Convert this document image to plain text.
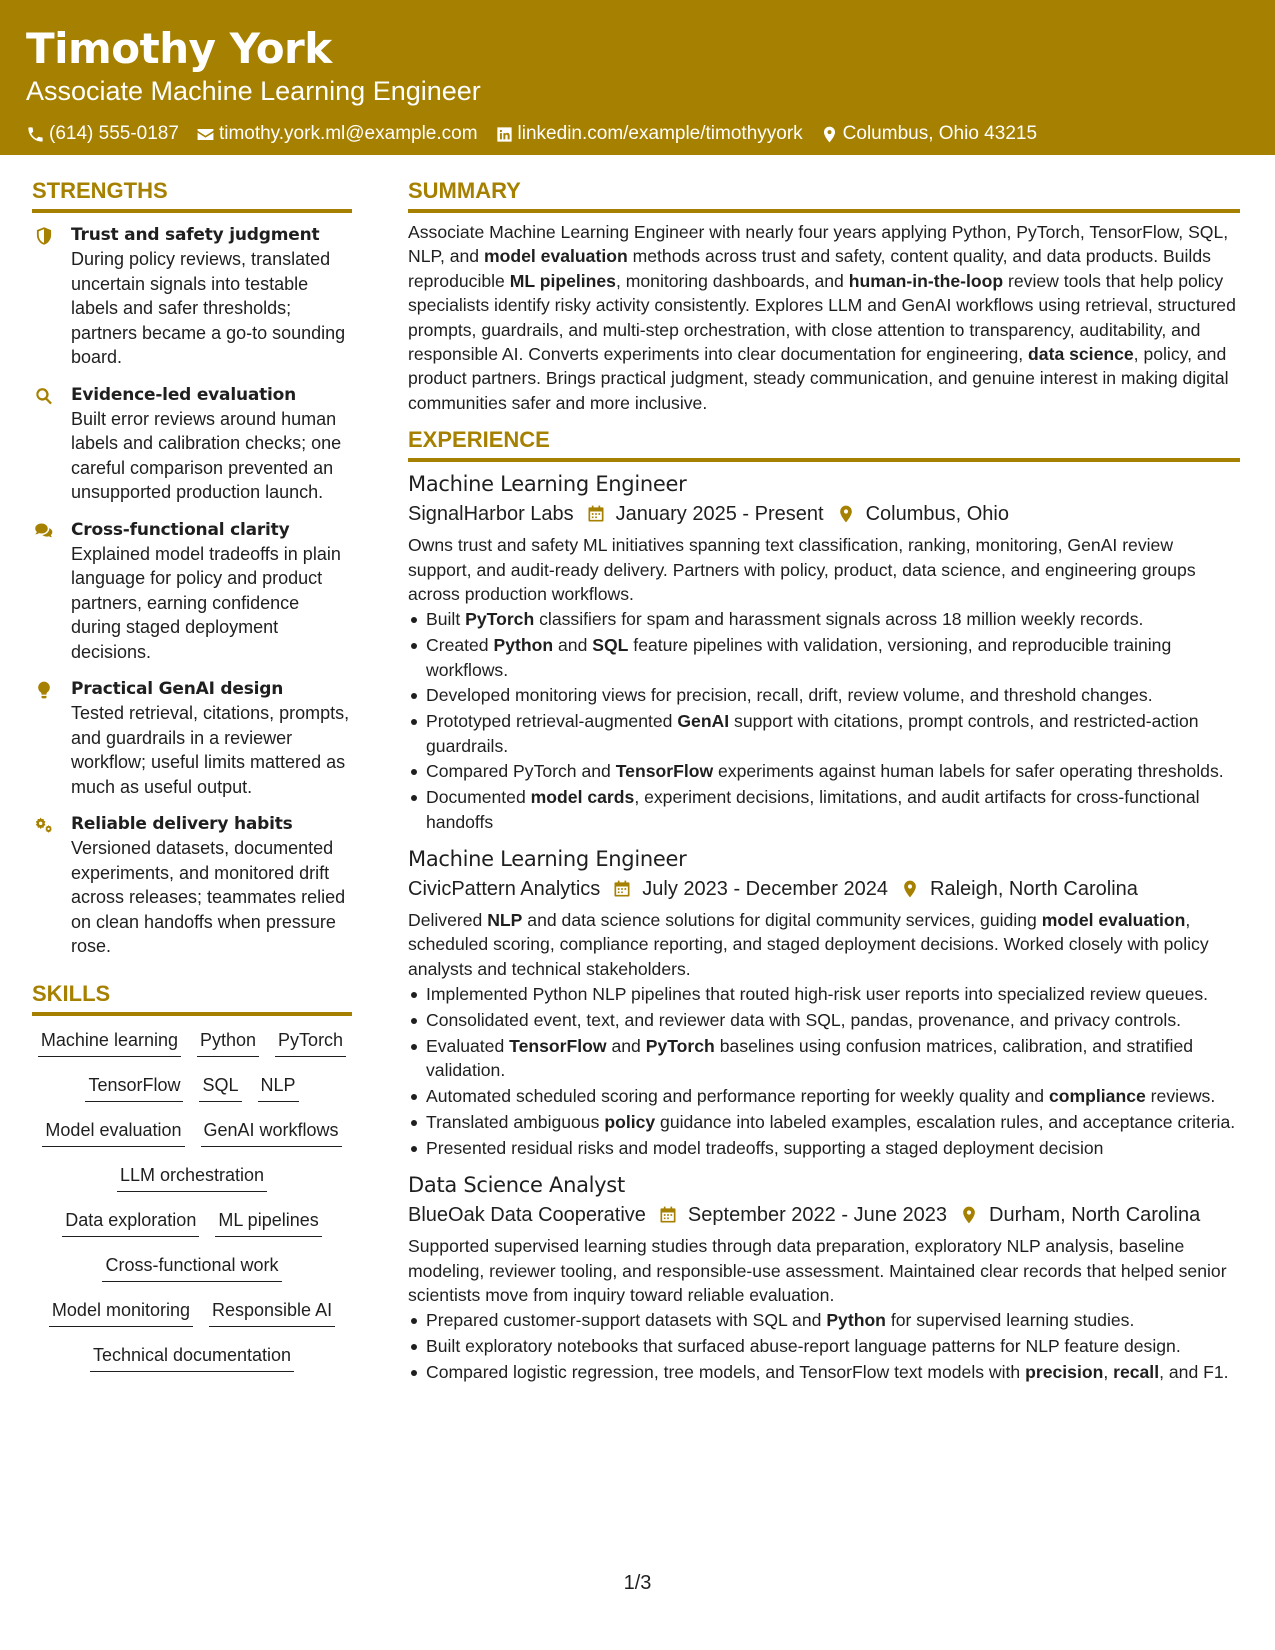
Timothy York
Associate Machine Learning Engineer
(614) 555-0187 timothy.york.ml@example.com linkedin.com/example/timothyyork Columbus, Ohio 43215
STRENGTHS
Trust and safety judgment
During policy reviews, translated uncertain signals into testable labels and safer thresholds; partners became a go-to sounding board.
Evidence-led evaluation
Built error reviews around human labels and calibration checks; one careful comparison prevented an unsupported production launch.
Cross-functional clarity
Explained model tradeoffs in plain language for policy and product partners, earning confidence during staged deployment decisions.
Practical GenAI design
Tested retrieval, citations, prompts, and guardrails in a reviewer workflow; useful limits mattered as much as useful output.
Reliable delivery habits
Versioned datasets, documented experiments, and monitored drift across releases; teammates relied on clean handoffs when pressure rose.
SKILLS
Machine learning Python PyTorch
TensorFlow SQL NLP
Model evaluation GenAI workflows
LLM orchestration
Data exploration ML pipelines
Cross-functional work
Model monitoring Responsible AI
Technical documentation
SUMMARY
Associate Machine Learning Engineer with nearly four years applying Python, PyTorch, TensorFlow, SQL, NLP, and model evaluation methods across trust and safety, content quality, and data products. Builds reproducible ML pipelines, monitoring dashboards, and human-in-the-loop review tools that help policy specialists identify risky activity consistently. Explores LLM and GenAI workflows using retrieval, structured prompts, guardrails, and multi-step orchestration, with close attention to transparency, auditability, and responsible AI. Converts experiments into clear documentation for engineering, data science, policy, and product partners. Brings practical judgment, steady communication, and genuine interest in making digital communities safer and more inclusive.
EXPERIENCE
Machine Learning Engineer
SignalHarbor Labs January 2025 - Present Columbus, Ohio
Owns trust and safety ML initiatives spanning text classification, ranking, monitoring, GenAI review support, and audit-ready delivery. Partners with policy, product, data science, and engineering groups across production workflows.
Built PyTorch classifiers for spam and harassment signals across 18 million weekly records.
Created Python and SQL feature pipelines with validation, versioning, and reproducible training workflows.
Developed monitoring views for precision, recall, drift, review volume, and threshold changes.
Prototyped retrieval-augmented GenAI support with citations, prompt controls, and restricted-action guardrails.
Compared PyTorch and TensorFlow experiments against human labels for safer operating thresholds.
Documented model cards, experiment decisions, limitations, and audit artifacts for cross-functional handoffs
Machine Learning Engineer
CivicPattern Analytics July 2023 - December 2024 Raleigh, North Carolina
Delivered NLP and data science solutions for digital community services, guiding model evaluation, scheduled scoring, compliance reporting, and staged deployment decisions. Worked closely with policy analysts and technical stakeholders.
Implemented Python NLP pipelines that routed high-risk user reports into specialized review queues.
Consolidated event, text, and reviewer data with SQL, pandas, provenance, and privacy controls.
Evaluated TensorFlow and PyTorch baselines using confusion matrices, calibration, and stratified validation.
Automated scheduled scoring and performance reporting for weekly quality and compliance reviews.
Translated ambiguous policy guidance into labeled examples, escalation rules, and acceptance criteria.
Presented residual risks and model tradeoffs, supporting a staged deployment decision
Data Science Analyst
BlueOak Data Cooperative September 2022 - June 2023 Durham, North Carolina
Supported supervised learning studies through data preparation, exploratory NLP analysis, baseline modeling, reviewer tooling, and responsible-use assessment. Maintained clear records that helped senior scientists move from inquiry toward reliable evaluation.
Prepared customer-support datasets with SQL and Python for supervised learning studies.
Built exploratory notebooks that surfaced abuse-report language patterns for NLP feature design.
Compared logistic regression, tree models, and TensorFlow text models with precision, recall, and F1.
1/3
